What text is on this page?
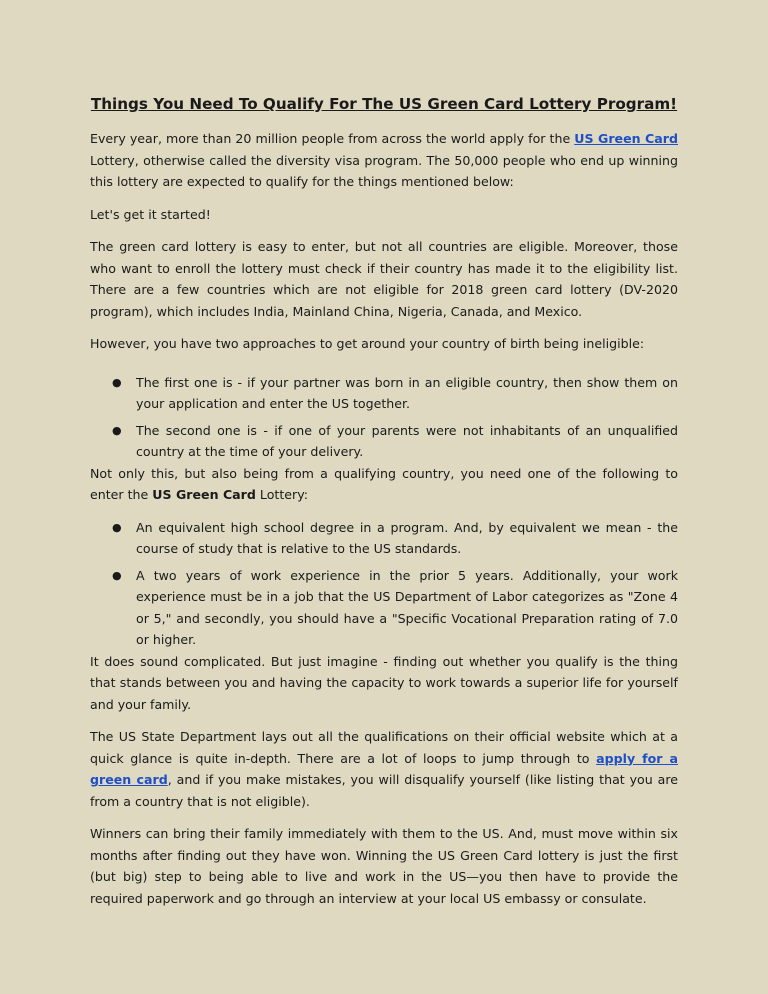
Things You Need To Qualify For The US Green Card Lottery Program!

Every year, more than 20 million people from across the world apply for the US Green Card Lottery, otherwise called the diversity visa program. The 50,000 people who end up winning this lottery are expected to qualify for the things mentioned below:

Let's get it started!

The green card lottery is easy to enter, but not all countries are eligible. Moreover, those who want to enroll the lottery must check if their country has made it to the eligibility list. There are a few countries which are not eligible for 2018 green card lottery (DV-2020 program), which includes India, Mainland China, Nigeria, Canada, and Mexico.

However, you have two approaches to get around your country of birth being ineligible:

● The first one is - if your partner was born in an eligible country, then show them on your application and enter the US together.
● The second one is - if one of your parents were not inhabitants of an unqualified country at the time of your delivery.

Not only this, but also being from a qualifying country, you need one of the following to enter the US Green Card Lottery:

● An equivalent high school degree in a program. And, by equivalent we mean - the course of study that is relative to the US standards.
● A two years of work experience in the prior 5 years. Additionally, your work experience must be in a job that the US Department of Labor categorizes as "Zone 4 or 5," and secondly, you should have a "Specific Vocational Preparation rating of 7.0 or higher.

It does sound complicated. But just imagine - finding out whether you qualify is the thing that stands between you and having the capacity to work towards a superior life for yourself and your family.

The US State Department lays out all the qualifications on their official website which at a quick glance is quite in-depth. There are a lot of loops to jump through to apply for a green card, and if you make mistakes, you will disqualify yourself (like listing that you are from a country that is not eligible).

Winners can bring their family immediately with them to the US. And, must move within six months after finding out they have won. Winning the US Green Card lottery is just the first (but big) step to being able to live and work in the US—you then have to provide the required paperwork and go through an interview at your local US embassy or consulate.
